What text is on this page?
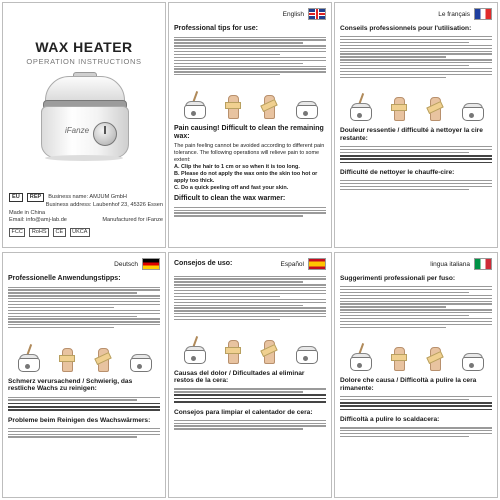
WAX HEATER
OPERATION INSTRUCTIONS
iFanze
EU	REP	Business name: AMJUM GmbH
Business address: Laubenhof 23, 45326 Essen
Made in China
Email: info@amj-lab.de	Manufactured for iFanze
FCC	RoHS	CE	UKCA
English
Professional tips for use:
Pain causing! Difficult to clean the remaining wax:
The pain feeling cannot be avoided according to different pain tolerance. The following operations will relieve pain to some extent:
A. Clip the hair to 1 cm or so when it is too long.
B. Please do not apply the wax onto the skin too hot or apply too thick.
C. Do a quick peeling off and fast your skin.
Difficult to clean the wax warmer:
Le français
Conseils professionnels pour l'utilisation:
Douleur ressentie / difficulté à nettoyer la cire restante:
Difficulté de nettoyer le chauffe-cire:
Deutsch
Professionelle Anwendungstipps:
Schmerz verursachend / Schwierig, das restliche Wachs zu reinigen:
Probleme beim Reinigen des Wachswärmers:
Consejos de uso:	Español
Causas del dolor / Dificultades al eliminar restos de la cera:
Consejos para limpiar el calentador de cera:
lingua italiana
Suggerimenti professionali per fuso:
Dolore che causa / Difficoltà a pulire la cera rimanente:
Difficoltà a pulire lo scaldacera:
